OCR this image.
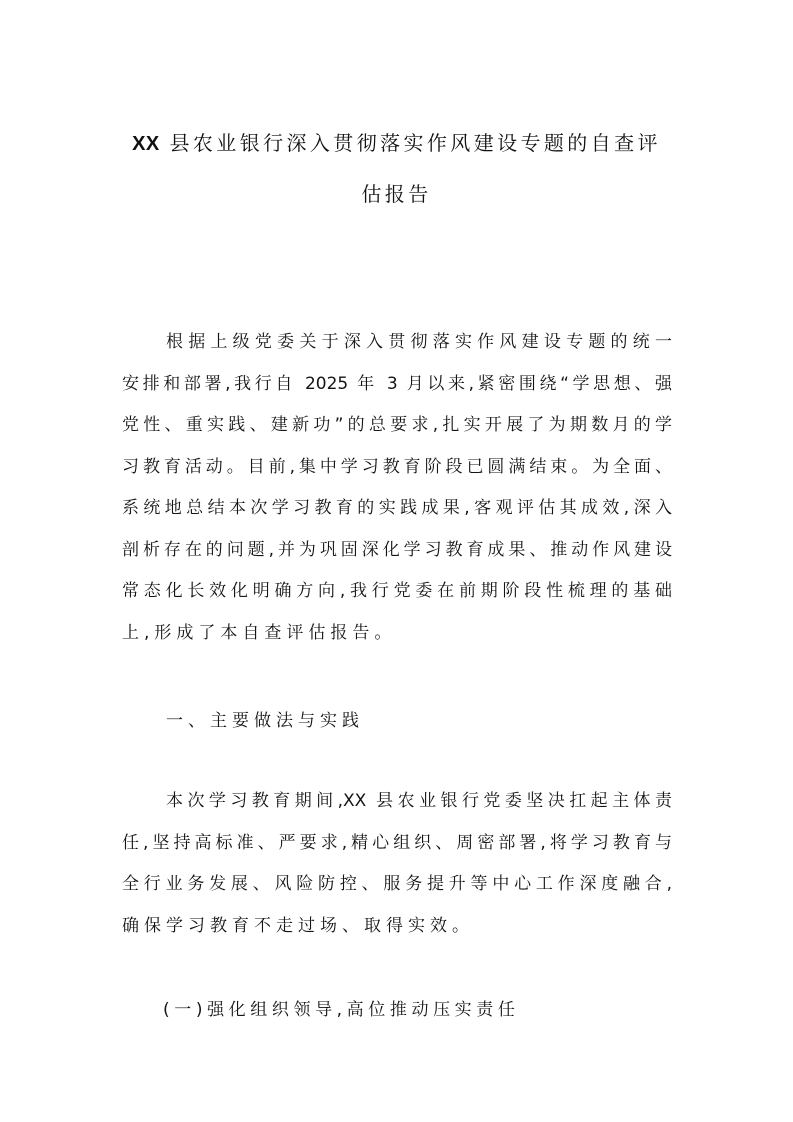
XX 县农业银行深入贯彻落实作风建设专题的自查评
估报告
根据上级党委关于深入贯彻落实作风建设专题的统一
安排和部署,我行自 2025 年 3 月以来,紧密围绕“学思想、强
党性、重实践、建新功”的总要求,扎实开展了为期数月的学
习教育活动。目前,集中学习教育阶段已圆满结束。为全面、
系统地总结本次学习教育的实践成果,客观评估其成效,深入
剖析存在的问题,并为巩固深化学习教育成果、推动作风建设
常态化长效化明确方向,我行党委在前期阶段性梳理的基础
上,形成了本自查评估报告。
一、主要做法与实践
本次学习教育期间,XX 县农业银行党委坚决扛起主体责
任,坚持高标准、严要求,精心组织、周密部署,将学习教育与
全行业务发展、风险防控、服务提升等中心工作深度融合,
确保学习教育不走过场、取得实效。
(一)强化组织领导,高位推动压实责任
